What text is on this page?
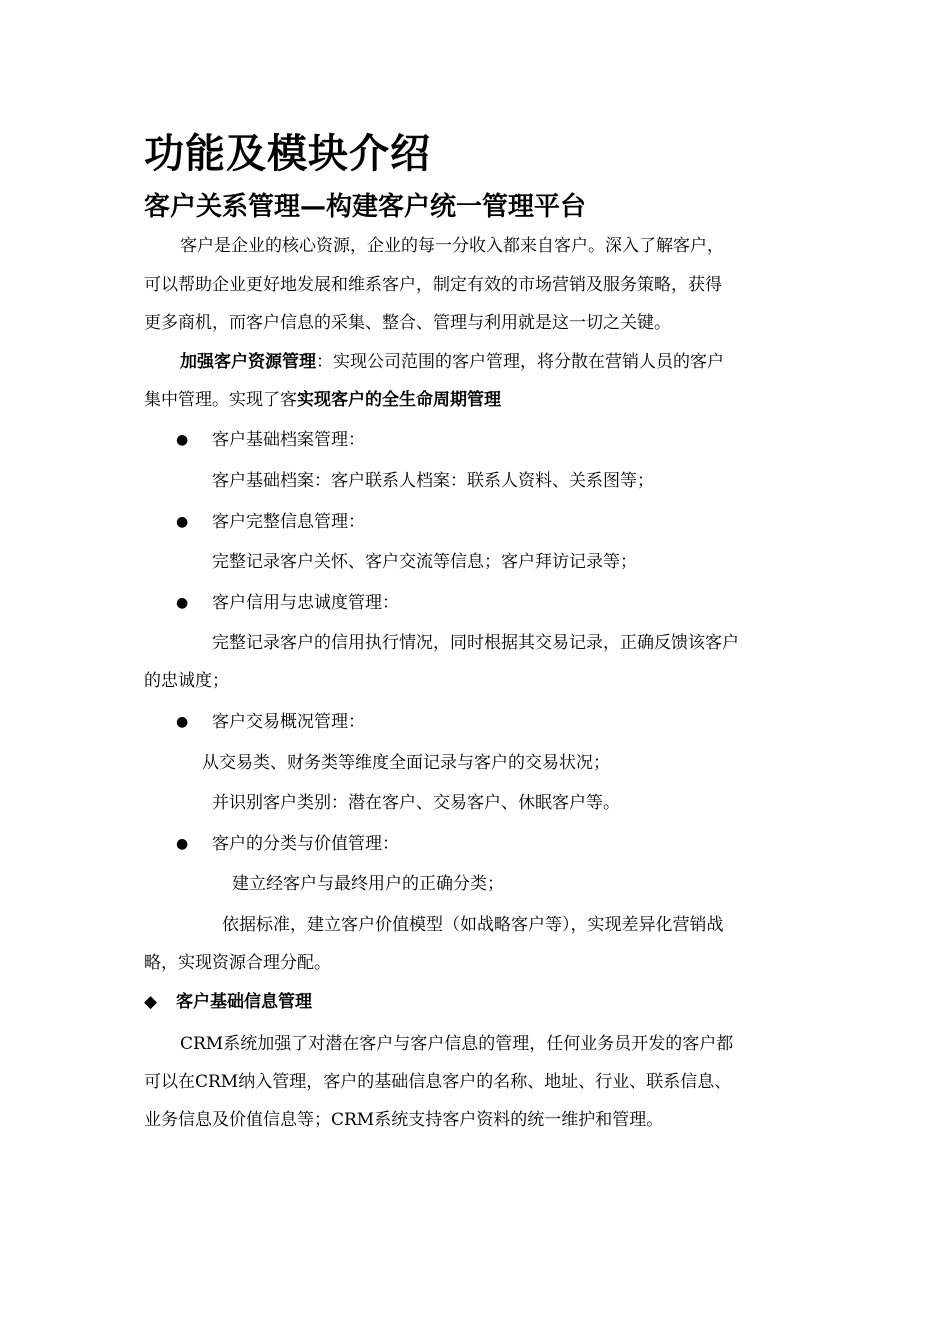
功能及模块介绍
客户关系管理—构建客户统一管理平台
客户是企业的核心资源，企业的每一分收入都来自客户。深入了解客户，
可以帮助企业更好地发展和维系客户，制定有效的市场营销及服务策略，获得
更多商机，而客户信息的采集、整合、管理与利用就是这一切之关键。
加强客户资源管理：实现公司范围的客户管理，将分散在营销人员的客户
集中管理。实现了客实现客户的全生命周期管理
● 客户基础档案管理：
客户基础档案：客户联系人档案：联系人资料、关系图等；
● 客户完整信息管理：
完整记录客户关怀、客户交流等信息；客户拜访记录等；
● 客户信用与忠诚度管理：
完整记录客户的信用执行情况，同时根据其交易记录，正确反馈该客户
的忠诚度；
● 客户交易概况管理：
从交易类、财务类等维度全面记录与客户的交易状况；
并识别客户类别：潜在客户、交易客户、休眠客户等。
● 客户的分类与价值管理：
建立经客户与最终用户的正确分类；
依据标准，建立客户价值模型（如战略客户等），实现差异化营销战
略，实现资源合理分配。
◆ 客户基础信息管理
CRM系统加强了对潜在客户与客户信息的管理，任何业务员开发的客户都
可以在CRM纳入管理，客户的基础信息客户的名称、地址、行业、联系信息、
业务信息及价值信息等；CRM系统支持客户资料的统一维护和管理。
